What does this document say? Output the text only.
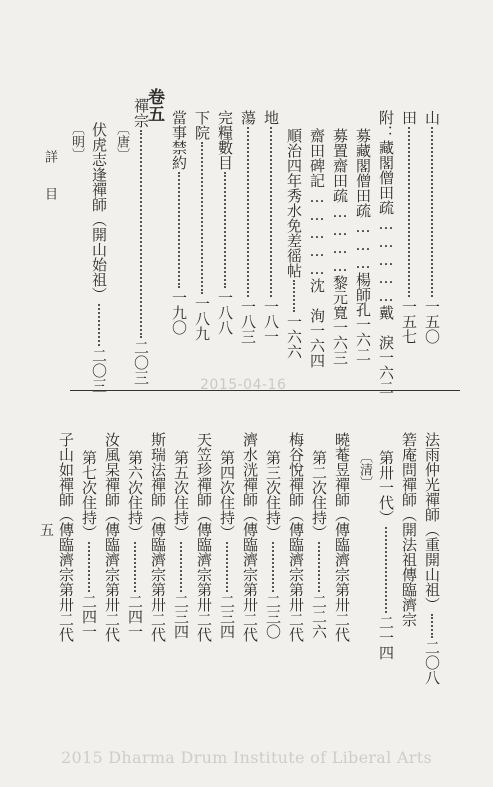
詳目
山一五〇
田一五七
附：藏閣僧田疏……………戴　淚一六二
募藏閣僧田疏………楊師孔一六二
募置齋田疏…………黎元寬一六三
齋田碑記……………沈　洵一六四
順治四年秀水免差徭帖一六六
地一八一
蕩一八三
完糧數目一八八
下院一八九
當事禁約一九〇
卷五
禪宗二〇三
〔唐〕
伏虎志逢禪師（開山始祖）二〇三
〔明〕
2015-04-16
法雨仲光禪師（重開山祖）二〇八
箬庵問禪師（開法祖傳臨濟宗
第卅一代）二一四
〔清〕
曉菴昱禪師（傳臨濟宗第卅二代
第二次住持）二二六
梅谷悅禪師（傳臨濟宗第卅二代
第三次住持）二三〇
濟水洸禪師（傳臨濟宗第卅二代
第四次住持）二三四
天笠珍禪師（傳臨濟宗第卅二代
第五次住持）二三四
斯瑞法禪師（傳臨濟宗第卅二代
第六次住持）二四一
汝風杲禪師（傳臨濟宗第卅二代
第七次住持）二四一
子山如禪師（傳臨濟宗第卅二代
五
2015 Dharma Drum Institute of Liberal Arts
